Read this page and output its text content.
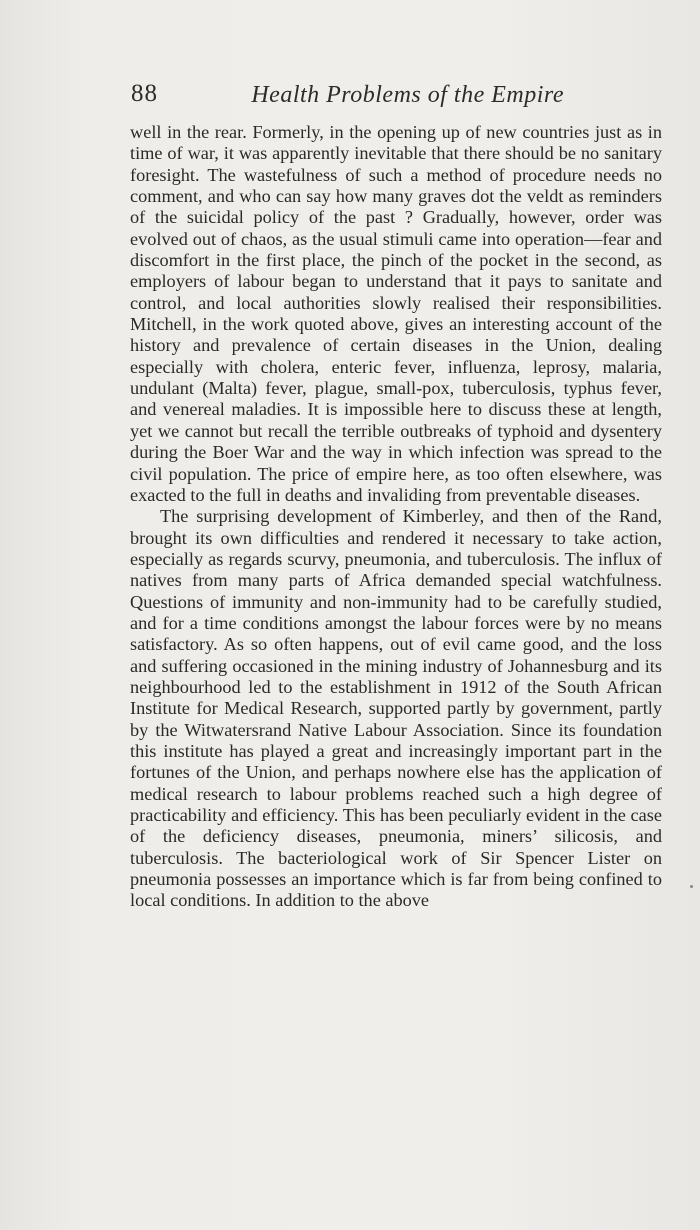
88	Health Problems of the Empire

well in the rear. Formerly, in the opening up of new countries just as in time of war, it was apparently inevitable that there should be no sanitary foresight. The wastefulness of such a method of procedure needs no comment, and who can say how many graves dot the veldt as reminders of the suicidal policy of the past ? Gradually, however, order was evolved out of chaos, as the usual stimuli came into operation—fear and discomfort in the first place, the pinch of the pocket in the second, as employers of labour began to understand that it pays to sanitate and control, and local authorities slowly realised their responsibilities. Mitchell, in the work quoted above, gives an interesting account of the history and prevalence of certain diseases in the Union, dealing especially with cholera, enteric fever, influenza, leprosy, malaria, undulant (Malta) fever, plague, small-pox, tuberculosis, typhus fever, and venereal maladies. It is impossible here to discuss these at length, yet we cannot but recall the terrible outbreaks of typhoid and dysentery during the Boer War and the way in which infection was spread to the civil population. The price of empire here, as too often elsewhere, was exacted to the full in deaths and invaliding from preventable diseases.

The surprising development of Kimberley, and then of the Rand, brought its own difficulties and rendered it necessary to take action, especially as regards scurvy, pneumonia, and tuberculosis. The influx of natives from many parts of Africa demanded special watchfulness. Questions of immunity and non-immunity had to be carefully studied, and for a time conditions amongst the labour forces were by no means satisfactory. As so often happens, out of evil came good, and the loss and suffering occasioned in the mining industry of Johannesburg and its neighbourhood led to the establishment in 1912 of the South African Institute for Medical Research, supported partly by government, partly by the Witwatersrand Native Labour Association. Since its foundation this institute has played a great and increasingly important part in the fortunes of the Union, and perhaps nowhere else has the application of medical research to labour problems reached such a high degree of practicability and efficiency. This has been peculiarly evident in the case of the deficiency diseases, pneumonia, miners’ silicosis, and tuberculosis. The bacteriological work of Sir Spencer Lister on pneumonia possesses an importance which is far from being confined to local conditions. In addition to the above
